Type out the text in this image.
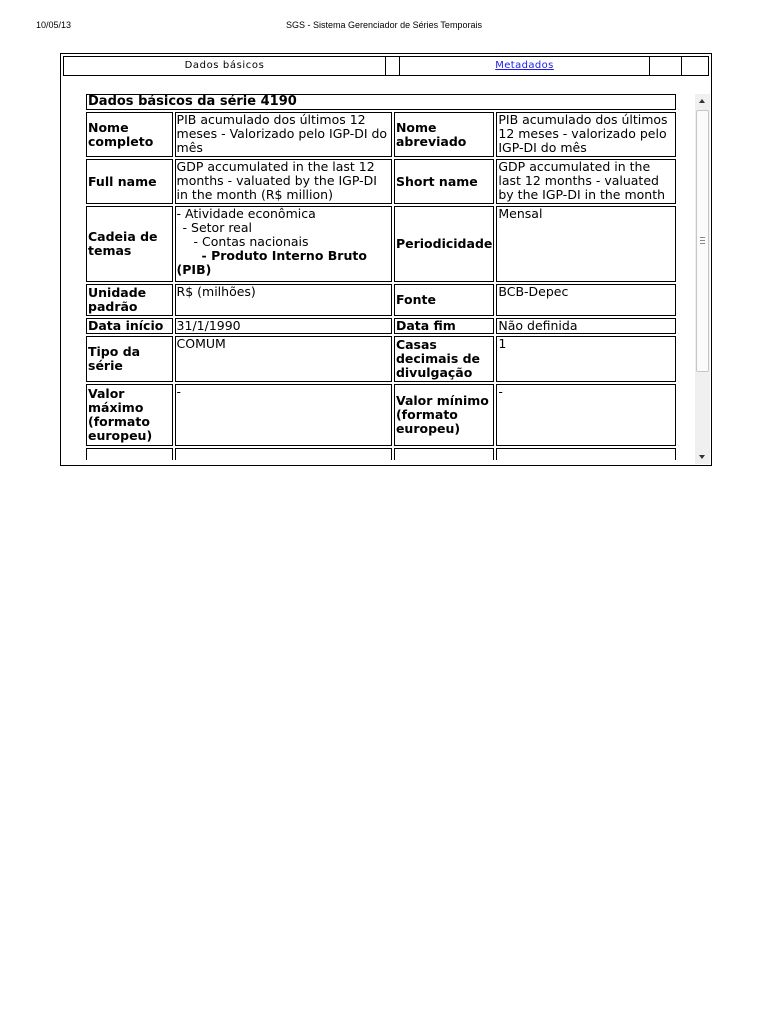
10/05/13	SGS - Sistema Gerenciador de Séries Temporais
Dados básicos	Metadados
Dados básicos da série 4190			
Nome completo	PIB acumulado dos últimos 12 meses - Valorizado pelo IGP-DI do mês	Nome abreviado	PIB acumulado dos últimos 12 meses - valorizado pelo IGP-DI do mês
Full name	GDP accumulated in the last 12 months - valuated by the IGP-DI in the month (R$ million)	Short name	GDP accumulated in the last 12 months - valuated by the IGP-DI in the month
Cadeia de temas	- Atividade econômica
- Setor real
- Contas nacionais
- Produto Interno Bruto
(PIB)	Periodicidade	Mensal
Unidade padrão	R$ (milhões)	Fonte	BCB-Depec
Data início	31/1/1990	Data fim	Não definida
Tipo da série	COMUM	Casas decimais de divulgação	1
Valor máximo (formato europeu)	-	Valor mínimo (formato europeu)	-
